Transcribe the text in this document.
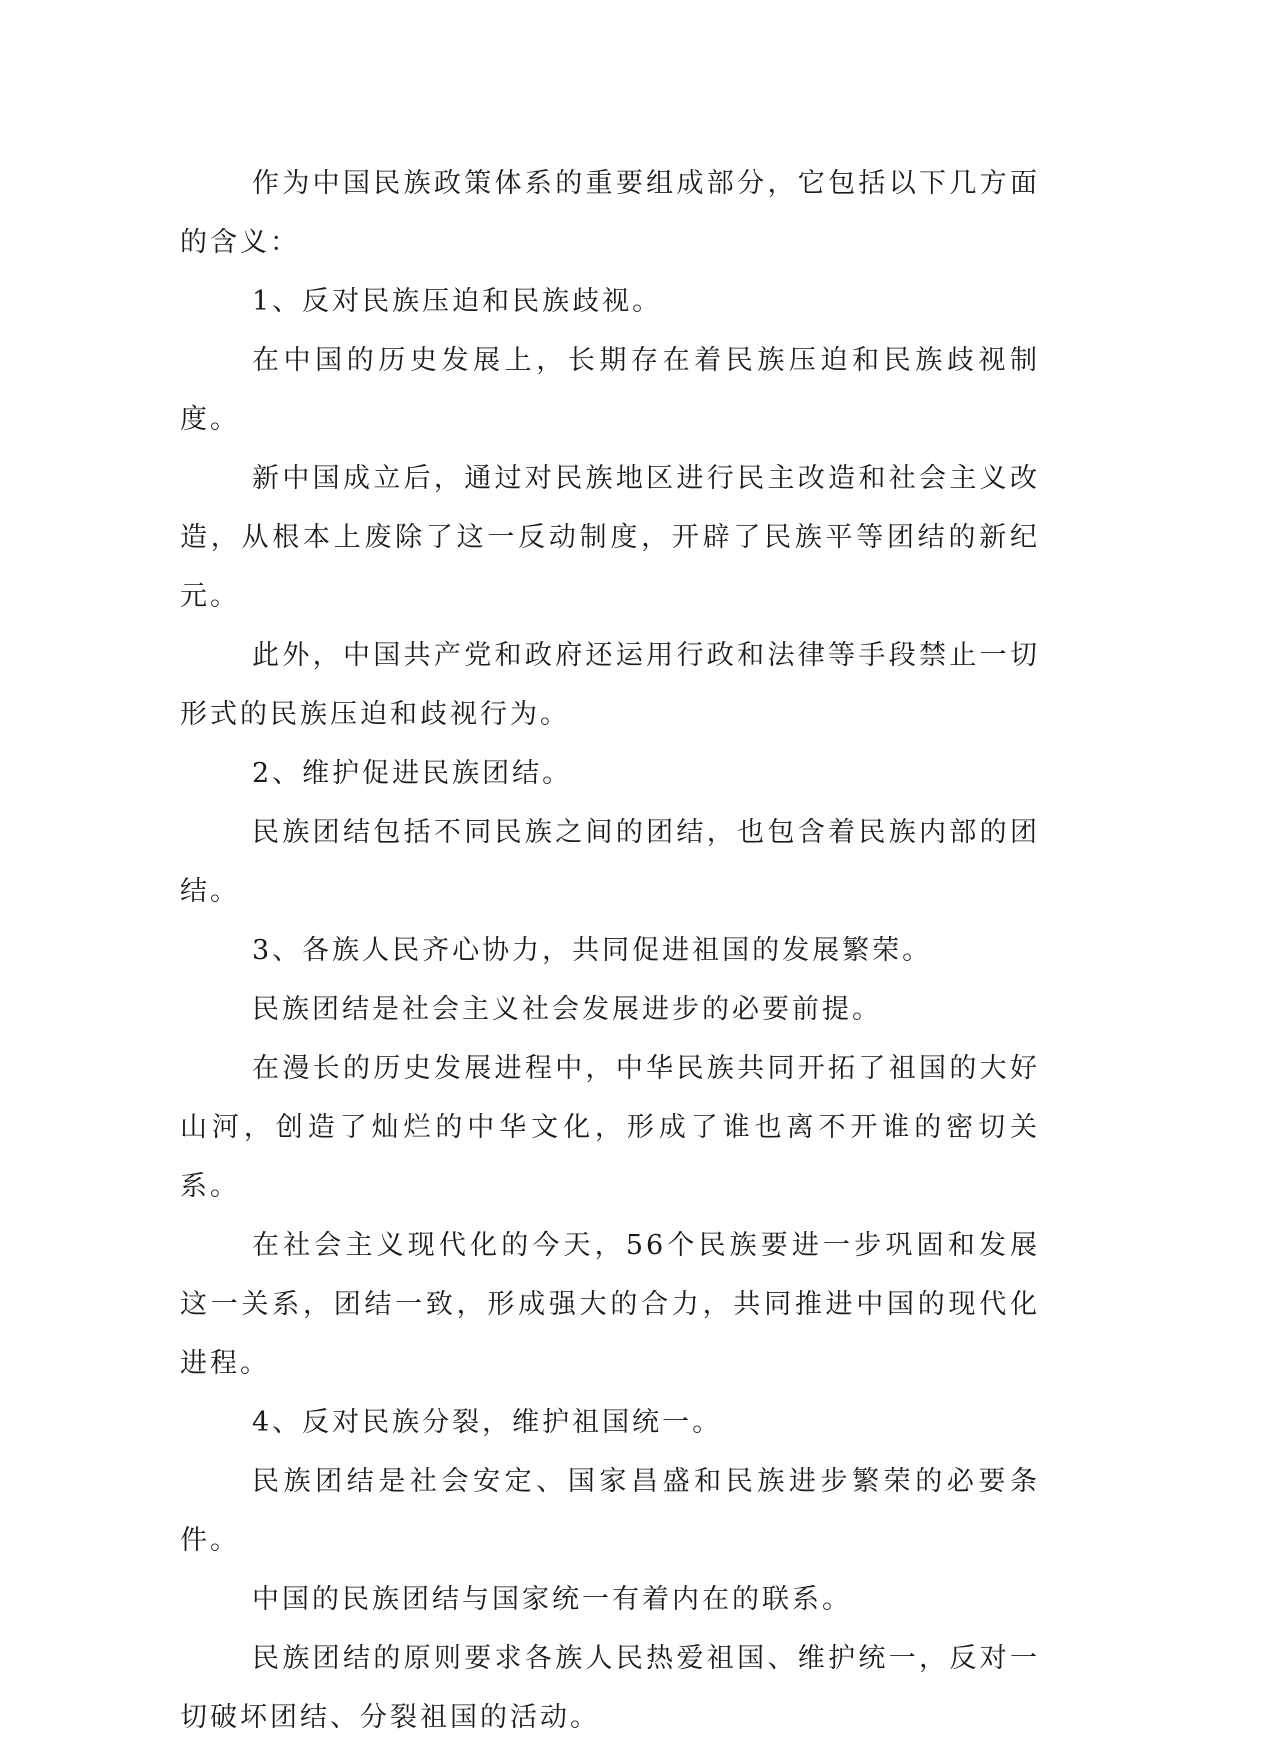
作为中国民族政策体系的重要组成部分，它包括以下几方面的含义：

1、反对民族压迫和民族歧视。

在中国的历史发展上，长期存在着民族压迫和民族歧视制度。

新中国成立后，通过对民族地区进行民主改造和社会主义改造，从根本上废除了这一反动制度，开辟了民族平等团结的新纪元。

此外，中国共产党和政府还运用行政和法律等手段禁止一切形式的民族压迫和歧视行为。

2、维护促进民族团结。

民族团结包括不同民族之间的团结，也包含着民族内部的团结。

3、各族人民齐心协力，共同促进祖国的发展繁荣。

民族团结是社会主义社会发展进步的必要前提。

在漫长的历史发展进程中，中华民族共同开拓了祖国的大好山河，创造了灿烂的中华文化，形成了谁也离不开谁的密切关系。

在社会主义现代化的今天，56个民族要进一步巩固和发展这一关系，团结一致，形成强大的合力，共同推进中国的现代化进程。

4、反对民族分裂，维护祖国统一。

民族团结是社会安定、国家昌盛和民族进步繁荣的必要条件。

中国的民族团结与国家统一有着内在的联系。

民族团结的原则要求各族人民热爱祖国、维护统一，反对一切破坏团结、分裂祖国的活动。
